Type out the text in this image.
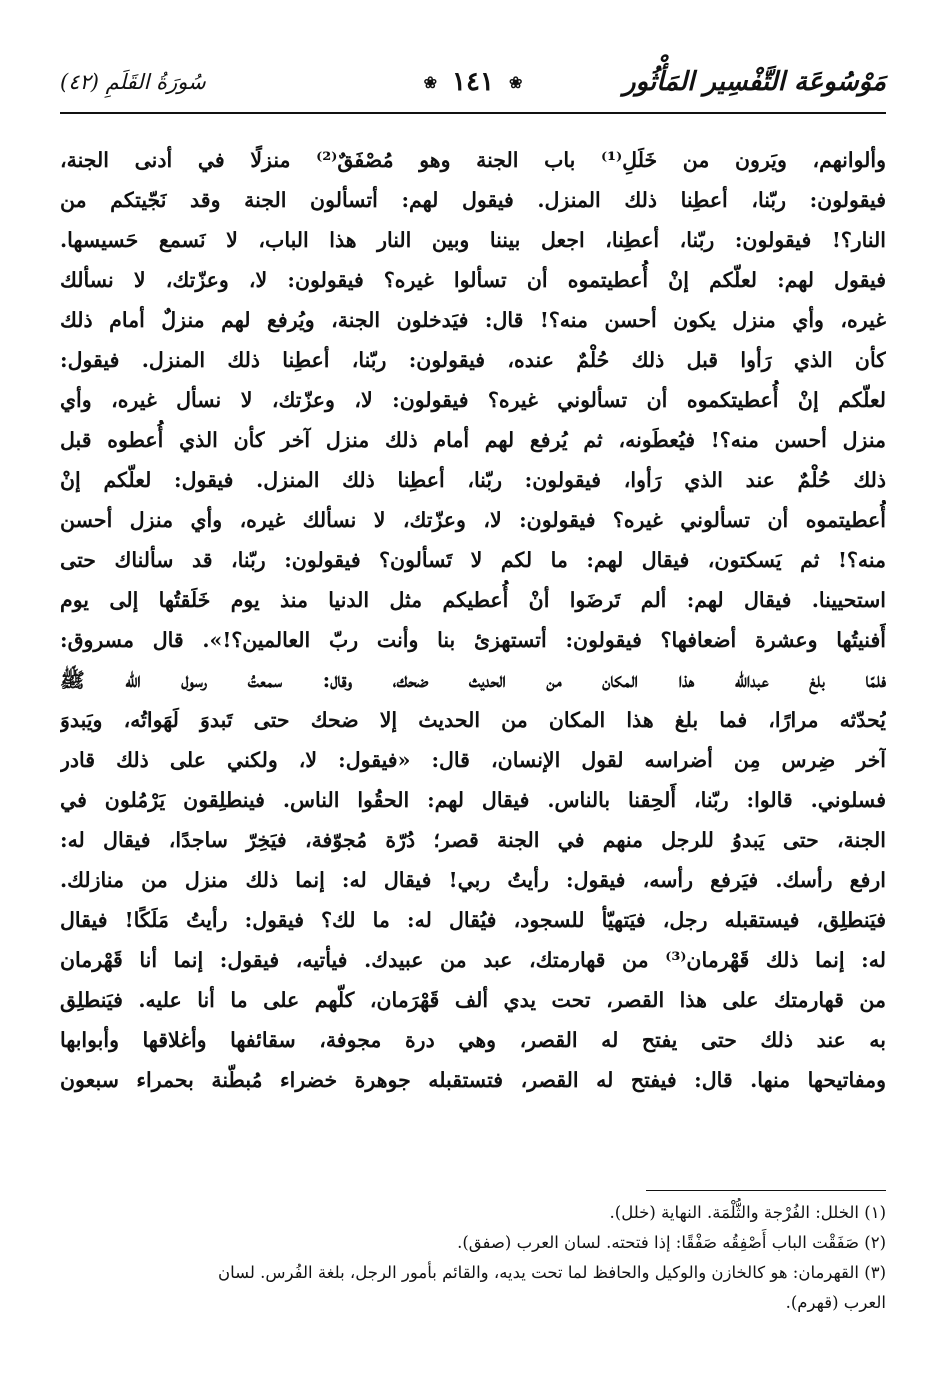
مَوْسُوعَة التَّفْسِير المَأْثُور
❀ ١٤١ ❀
سُورَةُ القَلَمِ (٤٢)
وألوانهم، ويَرون من خَلَلِ⁽¹⁾ باب الجنة وهو مُصْفَقٌ⁽²⁾ منزلًا في أدنى الجنة،
فيقولون: ربّنا، أعطِنا ذلك المنزل. فيقول لهم: أتسألون الجنة وقد نَجّيتكم من
النار؟! فيقولون: ربّنا، أعطِنا، اجعل بيننا وبين النار هذا الباب، لا نَسمع حَسيسها.
فيقول لهم: لعلّكم إنْ أُعطيتموه أن تسألوا غيره؟ فيقولون: لا، وعزّتك، لا نسألك
غيره، وأي منزل يكون أحسن منه؟! قال: فيَدخلون الجنة، ويُرفع لهم منزلٌ أمام ذلك
كأن الذي رَأوا قبل ذلك حُلْمٌ عنده، فيقولون: ربّنا، أعطِنا ذلك المنزل. فيقول:
لعلّكم إنْ أُعطيتكموه أن تسألوني غيره؟ فيقولون: لا، وعزّتك، لا نسأل غيره، وأي
منزل أحسن منه؟! فيُعطَونه، ثم يُرفع لهم أمام ذلك منزل آخر كأن الذي أُعطوه قبل
ذلك حُلْمٌ عند الذي رَأوا، فيقولون: ربّنا، أعطِنا ذلك المنزل. فيقول: لعلّكم إنْ
أُعطيتموه أن تسألوني غيره؟ فيقولون: لا، وعزّتك، لا نسألك غيره، وأي منزل أحسن
منه؟! ثم يَسكتون، فيقال لهم: ما لكم لا تَسألون؟ فيقولون: ربّنا، قد سألناك حتى
استحيينا. فيقال لهم: ألم تَرضَوا أنْ أُعطيكم مثل الدنيا منذ يوم خَلَقتُها إلى يوم
أَفنيتُها وعشرة أضعافها؟ فيقولون: أتستهزئ بنا وأنت ربّ العالمين؟!». قال مسروق:
فلمّا بلغ عبدالله هذا المكان من الحديث ضحك، وقال: سمعتُ رسول الله ﷺ
يُحدّثه مرارًا، فما بلغ هذا المكان من الحديث إلا ضحك حتى تَبدوَ لَهَواتُه، ويَبدوَ
آخر ضِرس مِن أضراسه لقول الإنسان، قال: «فيقول: لا، ولكني على ذلك قادر
فسلوني. قالوا: ربّنا، أَلحِقنا بالناس. فيقال لهم: الحقُوا الناس. فينطلِقون يَرْمُلون في
الجنة، حتى يَبدوُ للرجل منهم في الجنة قصر؛ دُرّة مُجوّفة، فيَخِرّ ساجدًا، فيقال له:
ارفع رأسك. فيَرفع رأسه، فيقول: رأيتُ ربي! فيقال له: إنما ذلك منزل من منازلك.
فيَنطلِق، فيستقبله رجل، فيَتهيّأ للسجود، فيُقال له: ما لك؟ فيقول: رأيتُ مَلَكًا! فيقال
له: إنما ذلك قَهْرمان⁽³⁾ من قهارمتك، عبد من عبيدك. فيأتيه، فيقول: إنما أنا قَهْرمان
من قهارمتك على هذا القصر، تحت يدي ألف قَهْرَمان، كلّهم على ما أنا عليه. فيَنطلِق
به عند ذلك حتى يفتح له القصر، وهي درة مجوفة، سقائفها وأغلاقها وأبوابها
ومفاتيحها منها. قال: فيفتح له القصر، فتستقبله جوهرة خضراء مُبطّنة بحمراء سبعون
(١) الخلل: الفُرْجة والثُّلْمَة. النهاية (خلل).
(٢) صَفَقْت الباب أَصْفِقُه صَفْقًا: إذا فتحته. لسان العرب (صفق).
(٣) القهرمان: هو كالخازن والوكيل والحافظ لما تحت يديه، والقائم بأمور الرجل، بلغة الفُرس. لسان
العرب (قهرم).
